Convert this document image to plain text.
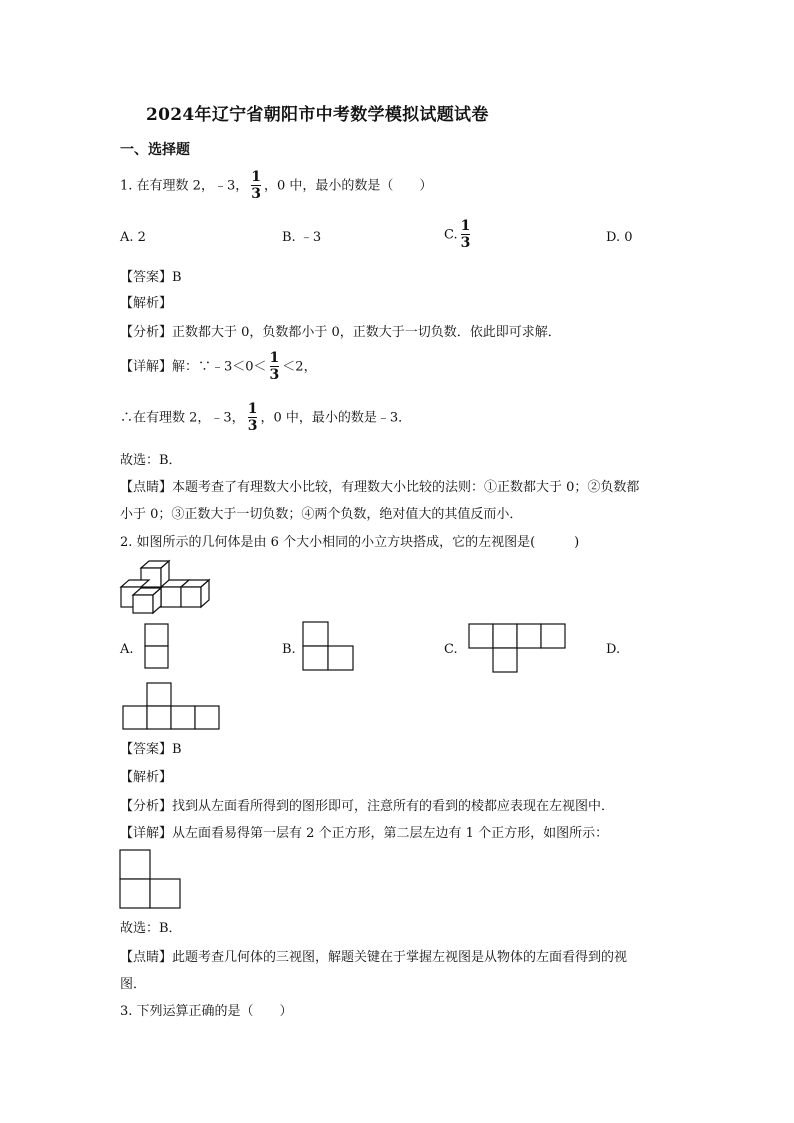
2024年辽宁省朝阳市中考数学模拟试题试卷
一、选择题
1. 在有理数 2，﹣3， $\frac{1}{3}$ ，0 中，最小的数是（　　）
A. 2	B. ﹣3	C. $\frac{1}{3}$	D. 0
【答案】B
【解析】
【分析】正数都大于 0，负数都小于 0，正数大于一切负数．依此即可求解．
【详解】解：∵﹣3＜0＜ $\frac{1}{3} <2$，
∴在有理数 2，﹣3， $\frac{1}{3}$ ，0 中，最小的数是﹣3．
故选：B．
【点睛】本题考查了有理数大小比较，有理数大小比较的法则：①正数都大于 0；②负数都
小于 0；③正数大于一切负数；④两个负数，绝对值大的其值反而小．
2. 如图所示的几何体是由 6 个大小相同的小立方块搭成，它的左视图是(　　　)
A.	B.	C.	D.
【答案】B
【解析】
【分析】找到从左面看所得到的图形即可，注意所有的看到的棱都应表现在左视图中．
【详解】从左面看易得第一层有 2 个正方形，第二层左边有 1 个正方形，如图所示：
故选：B．
【点睛】此题考查几何体的三视图，解题关键在于掌握左视图是从物体的左面看得到的视
图．
3. 下列运算正确的是（　　）
